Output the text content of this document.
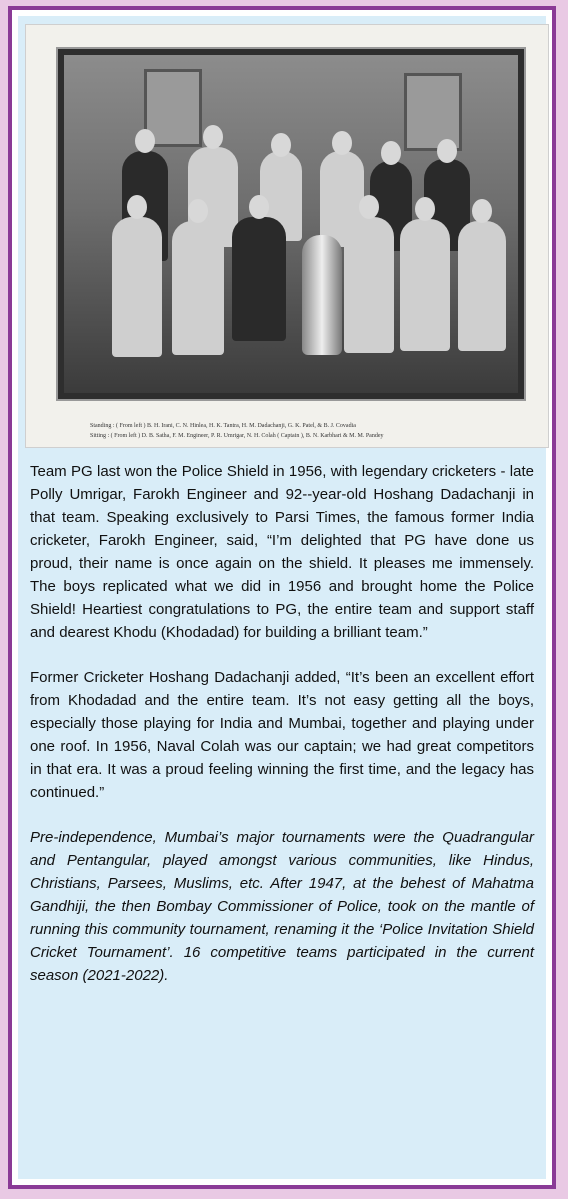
Standing : ( From left ) B. H. Irani, C. N. Hinlea, H. K. Tantra, H. M. Dadachanji, G. K. Patel, & B. J. Covadia
Sitting : ( From left ) D. B. Satha, F. M. Engineer, P. R. Umrigar, N. H. Colah ( Captain ), B. N. Karbhari & M. M. Pandey

Team PG last won the Police Shield in 1956, with legendary cricketers - late Polly Umrigar, Farokh Engineer and 92--year-old Hoshang Dadachanji in that team. Speaking exclusively to Parsi Times, the famous former India cricketer, Farokh Engineer, said, “I’m delighted that PG have done us proud, their name is once again on the shield. It pleases me immensely. The boys replicated what we did in 1956 and brought home the Police Shield! Heartiest congratulations to PG, the entire team and support staff and dearest Khodu (Khodadad) for building a brilliant team.”

Former Cricketer Hoshang Dadachanji added, “It’s been an excellent effort from Khodadad and the entire team. It’s not easy getting all the boys, especially those playing for India and Mumbai, together and playing under one roof. In 1956, Naval Colah was our captain; we had great competitors in that era. It was a proud feeling winning the first time, and the legacy has continued.”

Pre-independence, Mumbai’s major tournaments were the Quadrangular and Pentangular, played amongst various communities, like Hindus, Christians, Parsees, Muslims, etc. After 1947, at the behest of Mahatma Gandhiji, the then Bombay Commissioner of Police, took on the mantle of running this community tournament, renaming it the ‘Police Invitation Shield Cricket Tournament’. 16 competitive teams participated in the current season (2021-2022).
